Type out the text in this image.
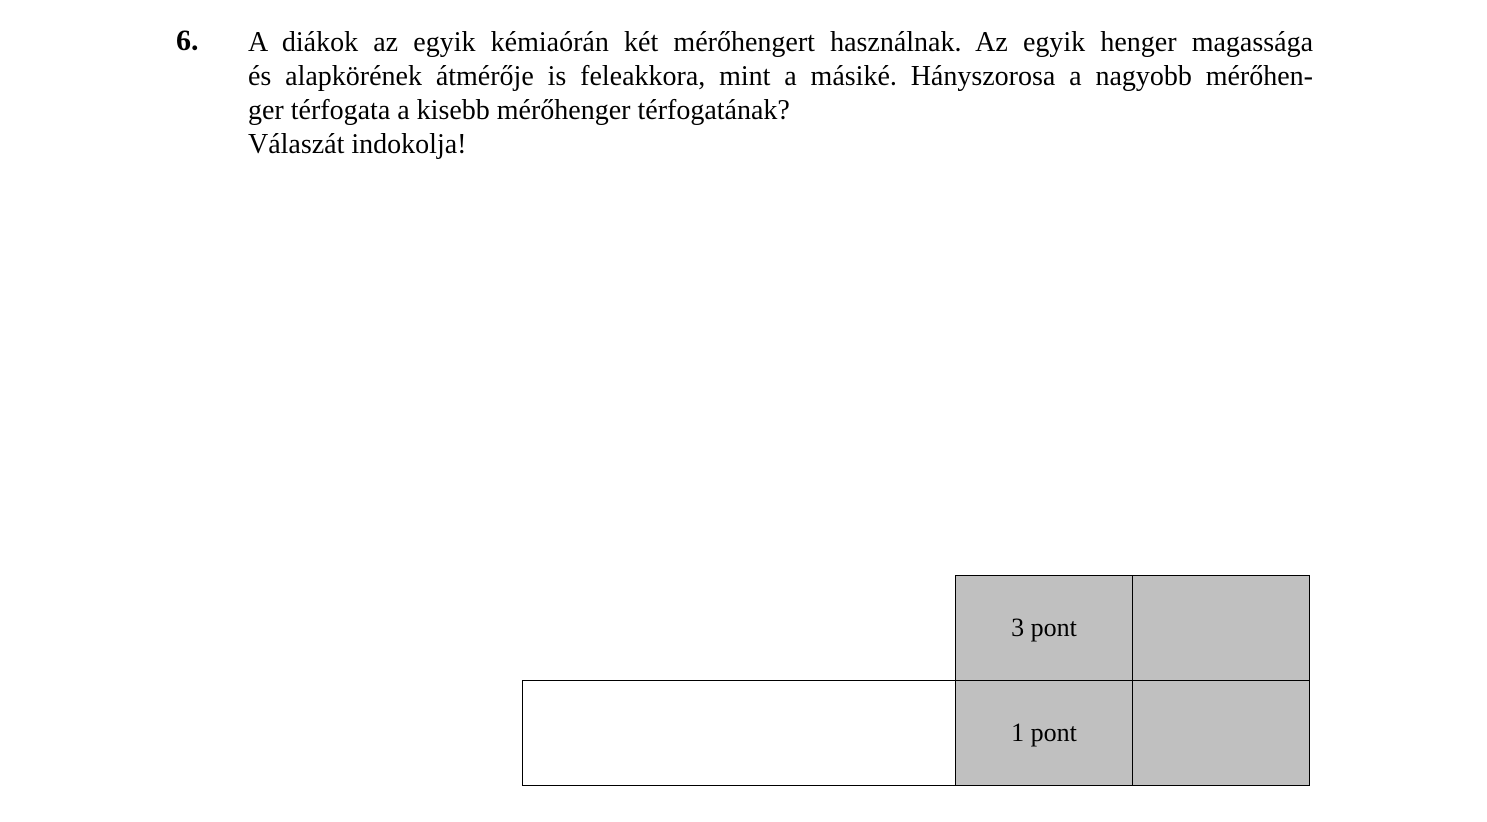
6. A diákok az egyik kémiaórán két mérőhengert használnak. Az egyik henger magassága
és alapkörének átmérője is feleakkora, mint a másiké. Hányszorosa a nagyobb mérőhen-
ger térfogata a kisebb mérőhenger térfogatának?
Válaszát indokolja!
	3 pont	
	1 pont	
